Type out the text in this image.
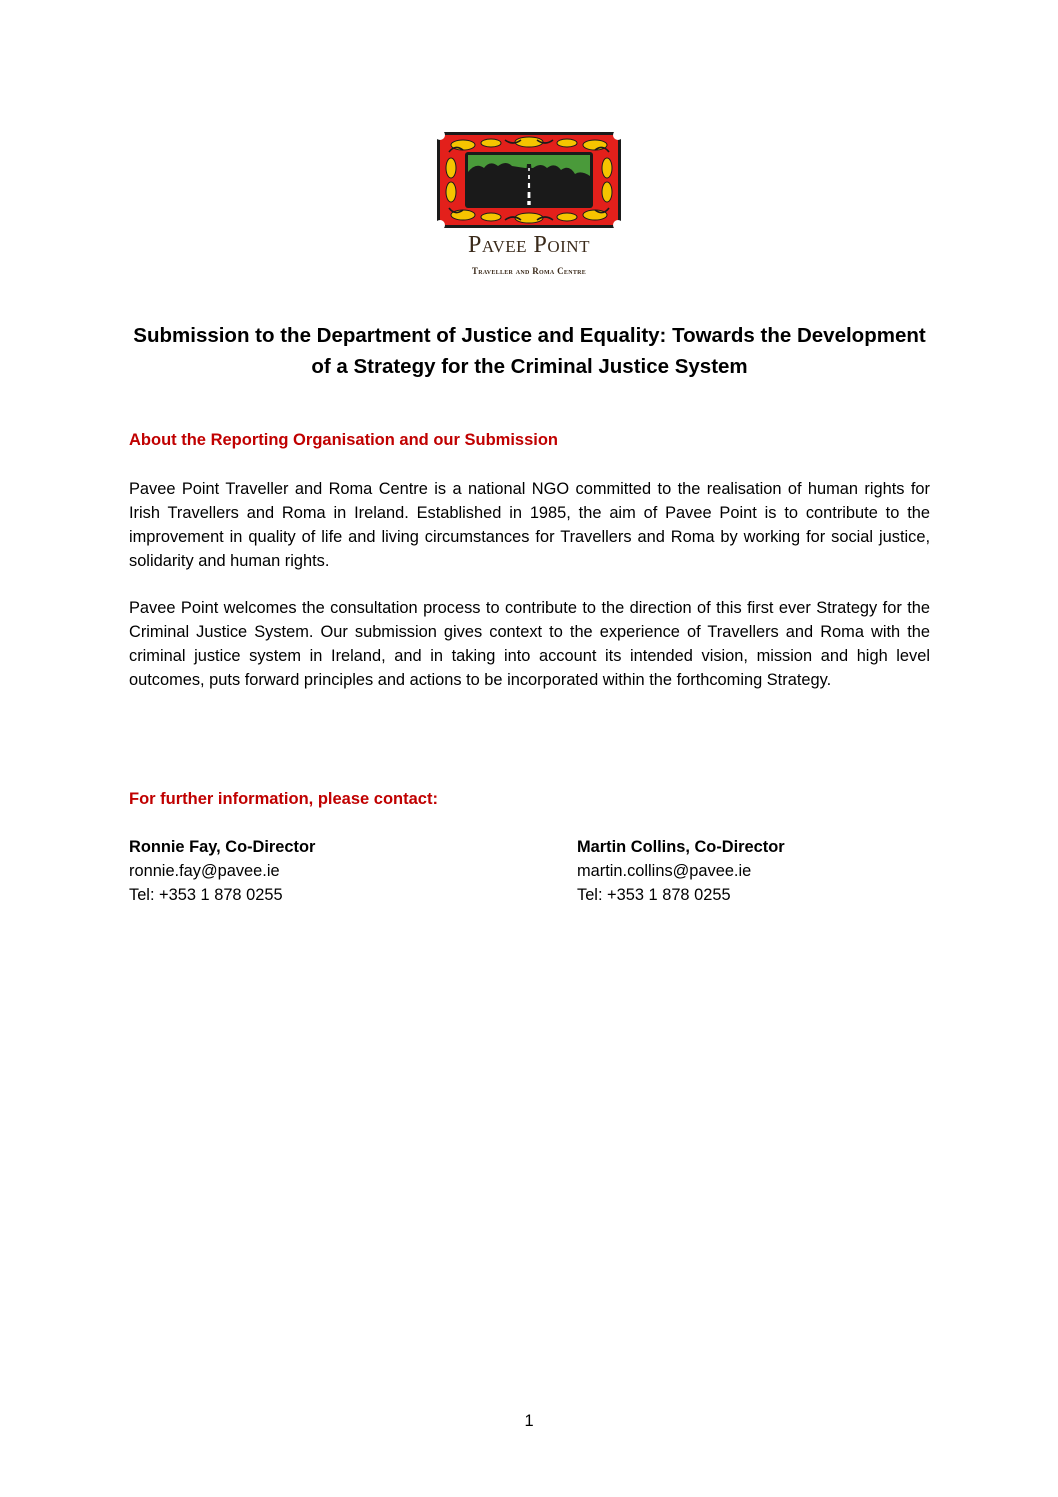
Pavee Point
Traveller and Roma Centre
Submission to the Department of Justice and Equality: Towards the Development of a Strategy for the Criminal Justice System
About the Reporting Organisation and our Submission

Pavee Point Traveller and Roma Centre is a national NGO committed to the realisation of human rights for Irish Travellers and Roma in Ireland. Established in 1985, the aim of Pavee Point is to contribute to the improvement in quality of life and living circumstances for Travellers and Roma by working for social justice, solidarity and human rights.

Pavee Point welcomes the consultation process to contribute to the direction of this first ever Strategy for the Criminal Justice System. Our submission gives context to the experience of Travellers and Roma with the criminal justice system in Ireland, and in taking into account its intended vision, mission and high level outcomes, puts forward principles and actions to be incorporated within the forthcoming Strategy.

For further information, please contact:
Ronnie Fay, Co-Director
ronnie.fay@pavee.ie
Tel: +353 1 878 0255
Martin Collins, Co-Director
martin.collins@pavee.ie
Tel: +353 1 878 0255
1
